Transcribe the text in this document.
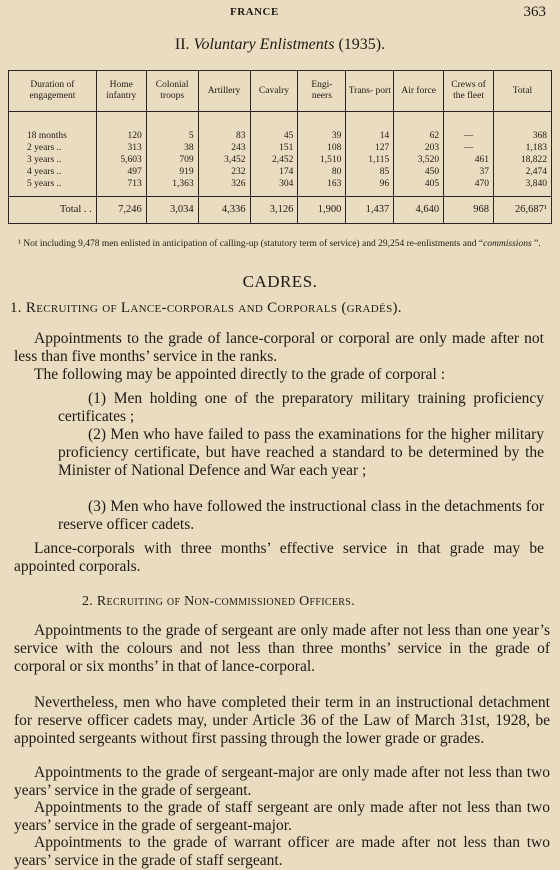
FRANCE	363
II. Voluntary Enlistments (1935).
Duration of engagement	Home infantry	Colonial troops	Artillery	Cavalry	Engi- neers	Trans- port	Air force	Crews of the fleet	Total

18 months	120	5	83	45	39	14	62	—	368
2 years ..	313	38	243	151	108	127	203	—	1,183
3 years ..	5,603	709	3,452	2,452	1,510	1,115	3,520	461	18,822
4 years ..	497	919	232	174	80	85	450	37	2,474
5 years ..	713	1,363	326	304	163	96	405	470	3,840

Total . .	7,246	3,034	4,336	3,126	1,900	1,437	4,640	968	26,687¹
¹ Not including 9,478 men enlisted in anticipation of calling-up (statutory term of service) and 29,254 re-enlistments and “commissions ”.
CADRES.
1. Recruiting of Lance-corporals and Corporals (gradés).
Appointments to the grade of lance-corporal or corporal are only made after not less than five months’ service in the ranks.
The following may be appointed directly to the grade of corporal :
(1) Men holding one of the preparatory military training proficiency certificates ;
(2) Men who have failed to pass the examinations for the higher military proficiency certificate, but have reached a standard to be determined by the Minister of National Defence and War each year ;
(3) Men who have followed the instructional class in the detachments for reserve officer cadets.
Lance-corporals with three months’ effective service in that grade may be appointed corporals.
2. Recruiting of Non-commissioned Officers.
Appointments to the grade of sergeant are only made after not less than one year’s service with the colours and not less than three months’ service in the grade of corporal or six months’ in that of lance-corporal.
Nevertheless, men who have completed their term in an instructional detachment for reserve officer cadets may, under Article 36 of the Law of March 31st, 1928, be appointed sergeants without first passing through the lower grade or grades.
Appointments to the grade of sergeant-major are only made after not less than two years’ service in the grade of sergeant.
Appointments to the grade of staff sergeant are only made after not less than two years’ service in the grade of sergeant-major.
Appointments to the grade of warrant officer are made after not less than two years’ service in the grade of staff sergeant.
